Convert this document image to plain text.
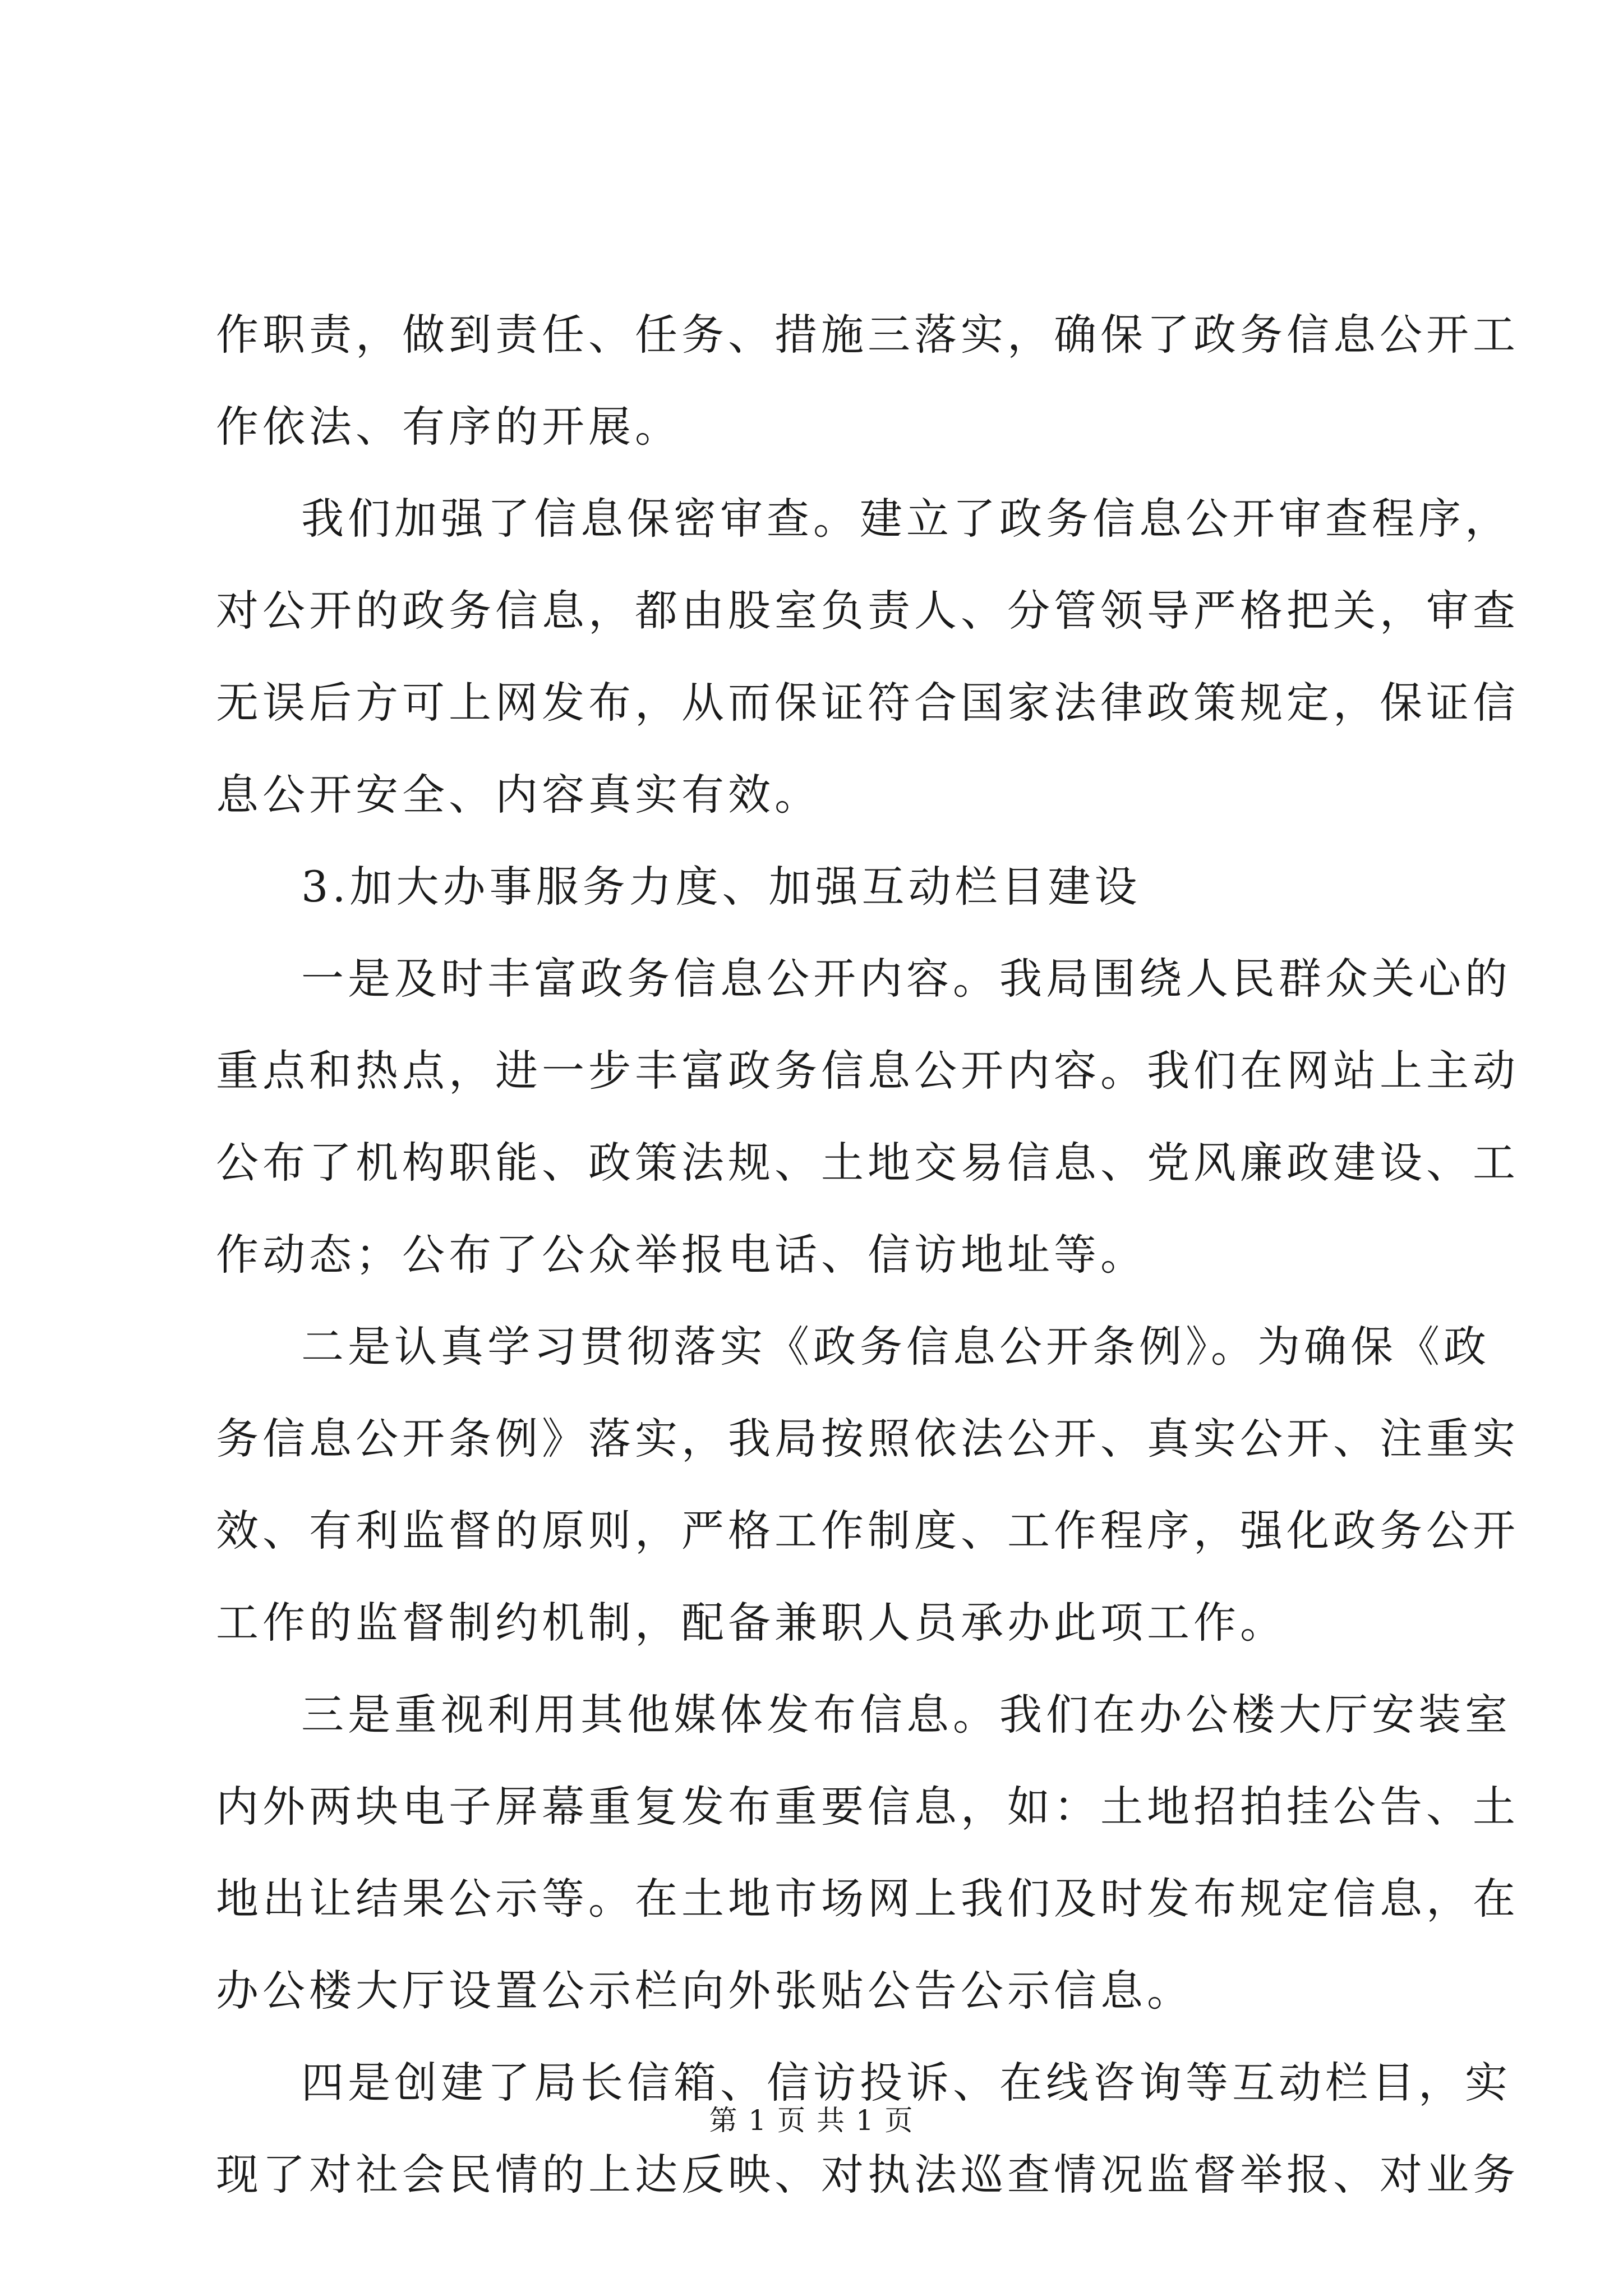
作职责，做到责任、任务、措施三落实，确保了政务信息公开工
作依法、有序的开展。
我们加强了信息保密审查。建立了政务信息公开审查程序，
对公开的政务信息，都由股室负责人、分管领导严格把关，审查
无误后方可上网发布，从而保证符合国家法律政策规定，保证信
息公开安全、内容真实有效。
3.加大办事服务力度、加强互动栏目建设
一是及时丰富政务信息公开内容。我局围绕人民群众关心的
重点和热点，进一步丰富政务信息公开内容。我们在网站上主动
公布了机构职能、政策法规、土地交易信息、党风廉政建设、工
作动态；公布了公众举报电话、信访地址等。
二是认真学习贯彻落实《政务信息公开条例》。为确保《政
务信息公开条例》落实，我局按照依法公开、真实公开、注重实
效、有利监督的原则，严格工作制度、工作程序，强化政务公开
工作的监督制约机制，配备兼职人员承办此项工作。
三是重视利用其他媒体发布信息。我们在办公楼大厅安装室
内外两块电子屏幕重复发布重要信息，如：土地招拍挂公告、土
地出让结果公示等。在土地市场网上我们及时发布规定信息，在
办公楼大厅设置公示栏向外张贴公告公示信息。
四是创建了局长信箱、信访投诉、在线咨询等互动栏目，实
现了对社会民情的上达反映、对执法巡查情况监督举报、对业务
第 1 页 共 1 页
